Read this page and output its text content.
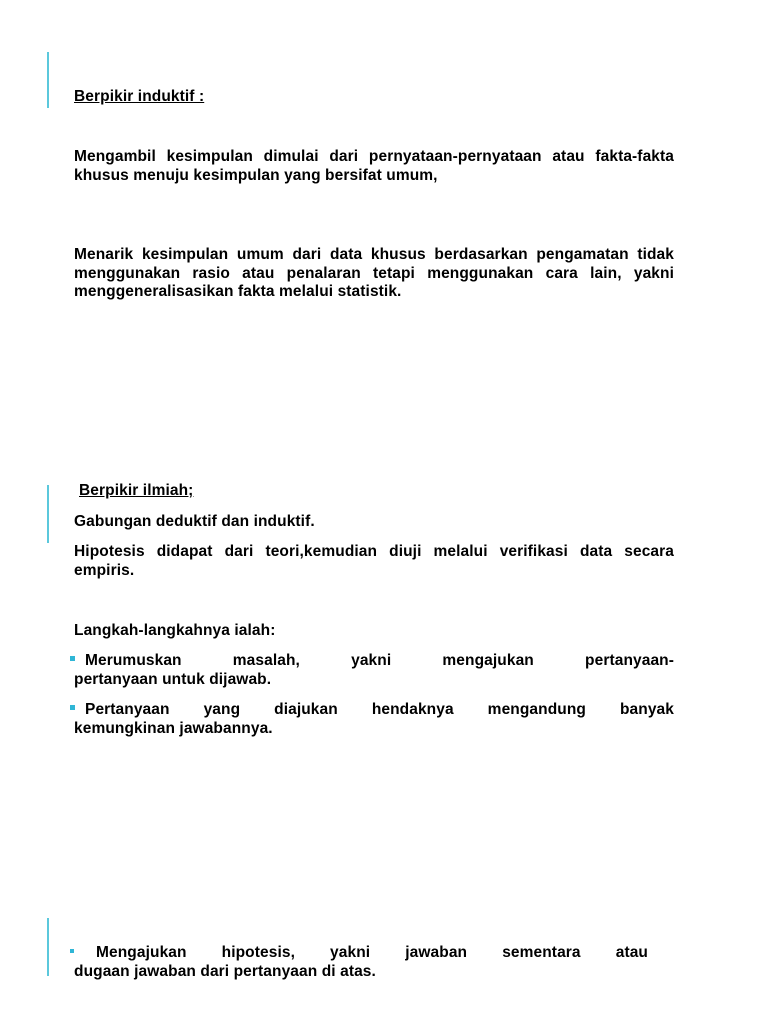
Berpikir induktif :

Mengambil kesimpulan dimulai dari pernyataan-pernyataan atau fakta-fakta khusus menuju kesimpulan yang bersifat umum,

Menarik kesimpulan umum dari data khusus berdasarkan pengamatan tidak menggunakan rasio atau penalaran tetapi menggunakan cara lain, yakni menggeneralisasikan fakta melalui statistik.

Berpikir ilmiah;

Gabungan deduktif dan induktif.

Hipotesis didapat dari teori,kemudian diuji melalui verifikasi data secara empiris.

Langkah-langkahnya ialah:

Merumuskan masalah, yakni mengajukan pertanyaan-
pertanyaan untuk dijawab.
Pertanyaan yang diajukan hendaknya mengandung banyak
kemungkinan jawabannya.
Mengajukan hipotesis, yakni jawaban sementara atau
dugaan jawaban dari pertanyaan di atas.
